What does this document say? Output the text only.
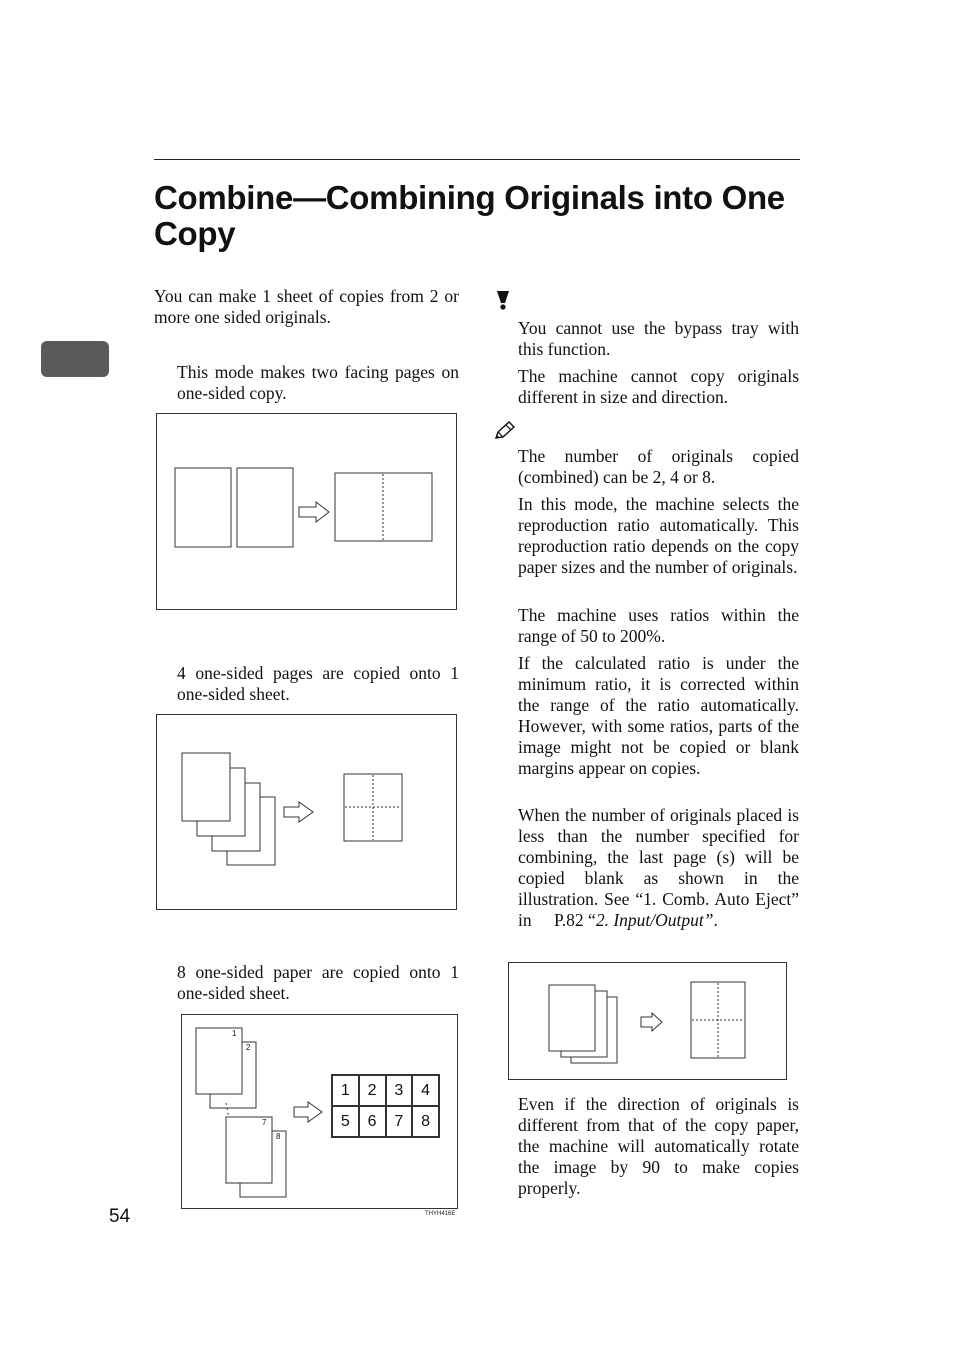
Combine—Combining Originals into One Copy

You can make 1 sheet of copies from 2 or more one sided originals.

This mode makes two facing pages on one-sided copy.

4 one-sided pages are copied onto 1 one-sided sheet.

8 one-sided paper are copied onto 1 one-sided sheet.

1
2
7
8
1	2	3	4
5	6	7	8
54	THYH416E

You cannot use the bypass tray with this function.

The machine cannot copy originals different in size and direction.

The number of originals copied (combined) can be 2, 4 or 8.

In this mode, the machine selects the reproduction ratio automatically. This reproduction ratio depends on the copy paper sizes and the number of originals.

The machine uses ratios within the range of 50 to 200%.

If the calculated ratio is under the minimum ratio, it is corrected within the range of the ratio automatically. However, with some ratios, parts of the image might not be copied or blank margins appear on copies.

When the number of originals placed is less than the number specified for combining, the last page (s) will be copied blank as shown in the illustration. See “1. Comb. Auto Eject” in P.82 “2. Input/Output”.

Even if the direction of originals is different from that of the copy paper, the machine will automatically rotate the image by 90 to make copies properly.
